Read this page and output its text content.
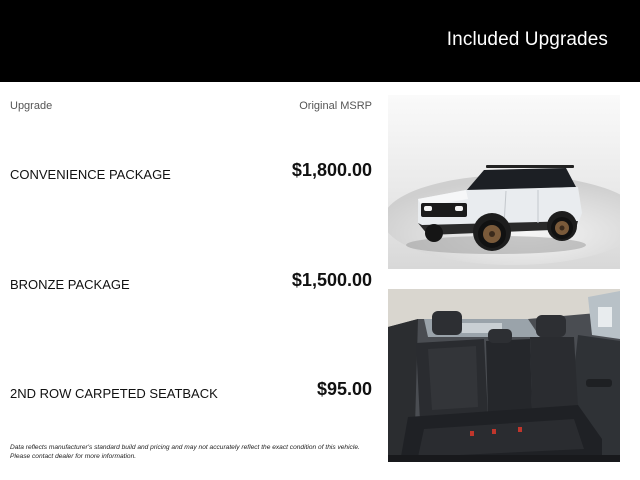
Included Upgrades
Upgrade	Original MSRP
CONVENIENCE PACKAGE	$1,800.00
BRONZE PACKAGE	$1,500.00
2ND ROW CARPETED SEATBACK	$95.00
Data reflects manufacturer's standard build and pricing and may not accurately reflect the exact condition of this vehicle.
Please contact dealer for more information.
